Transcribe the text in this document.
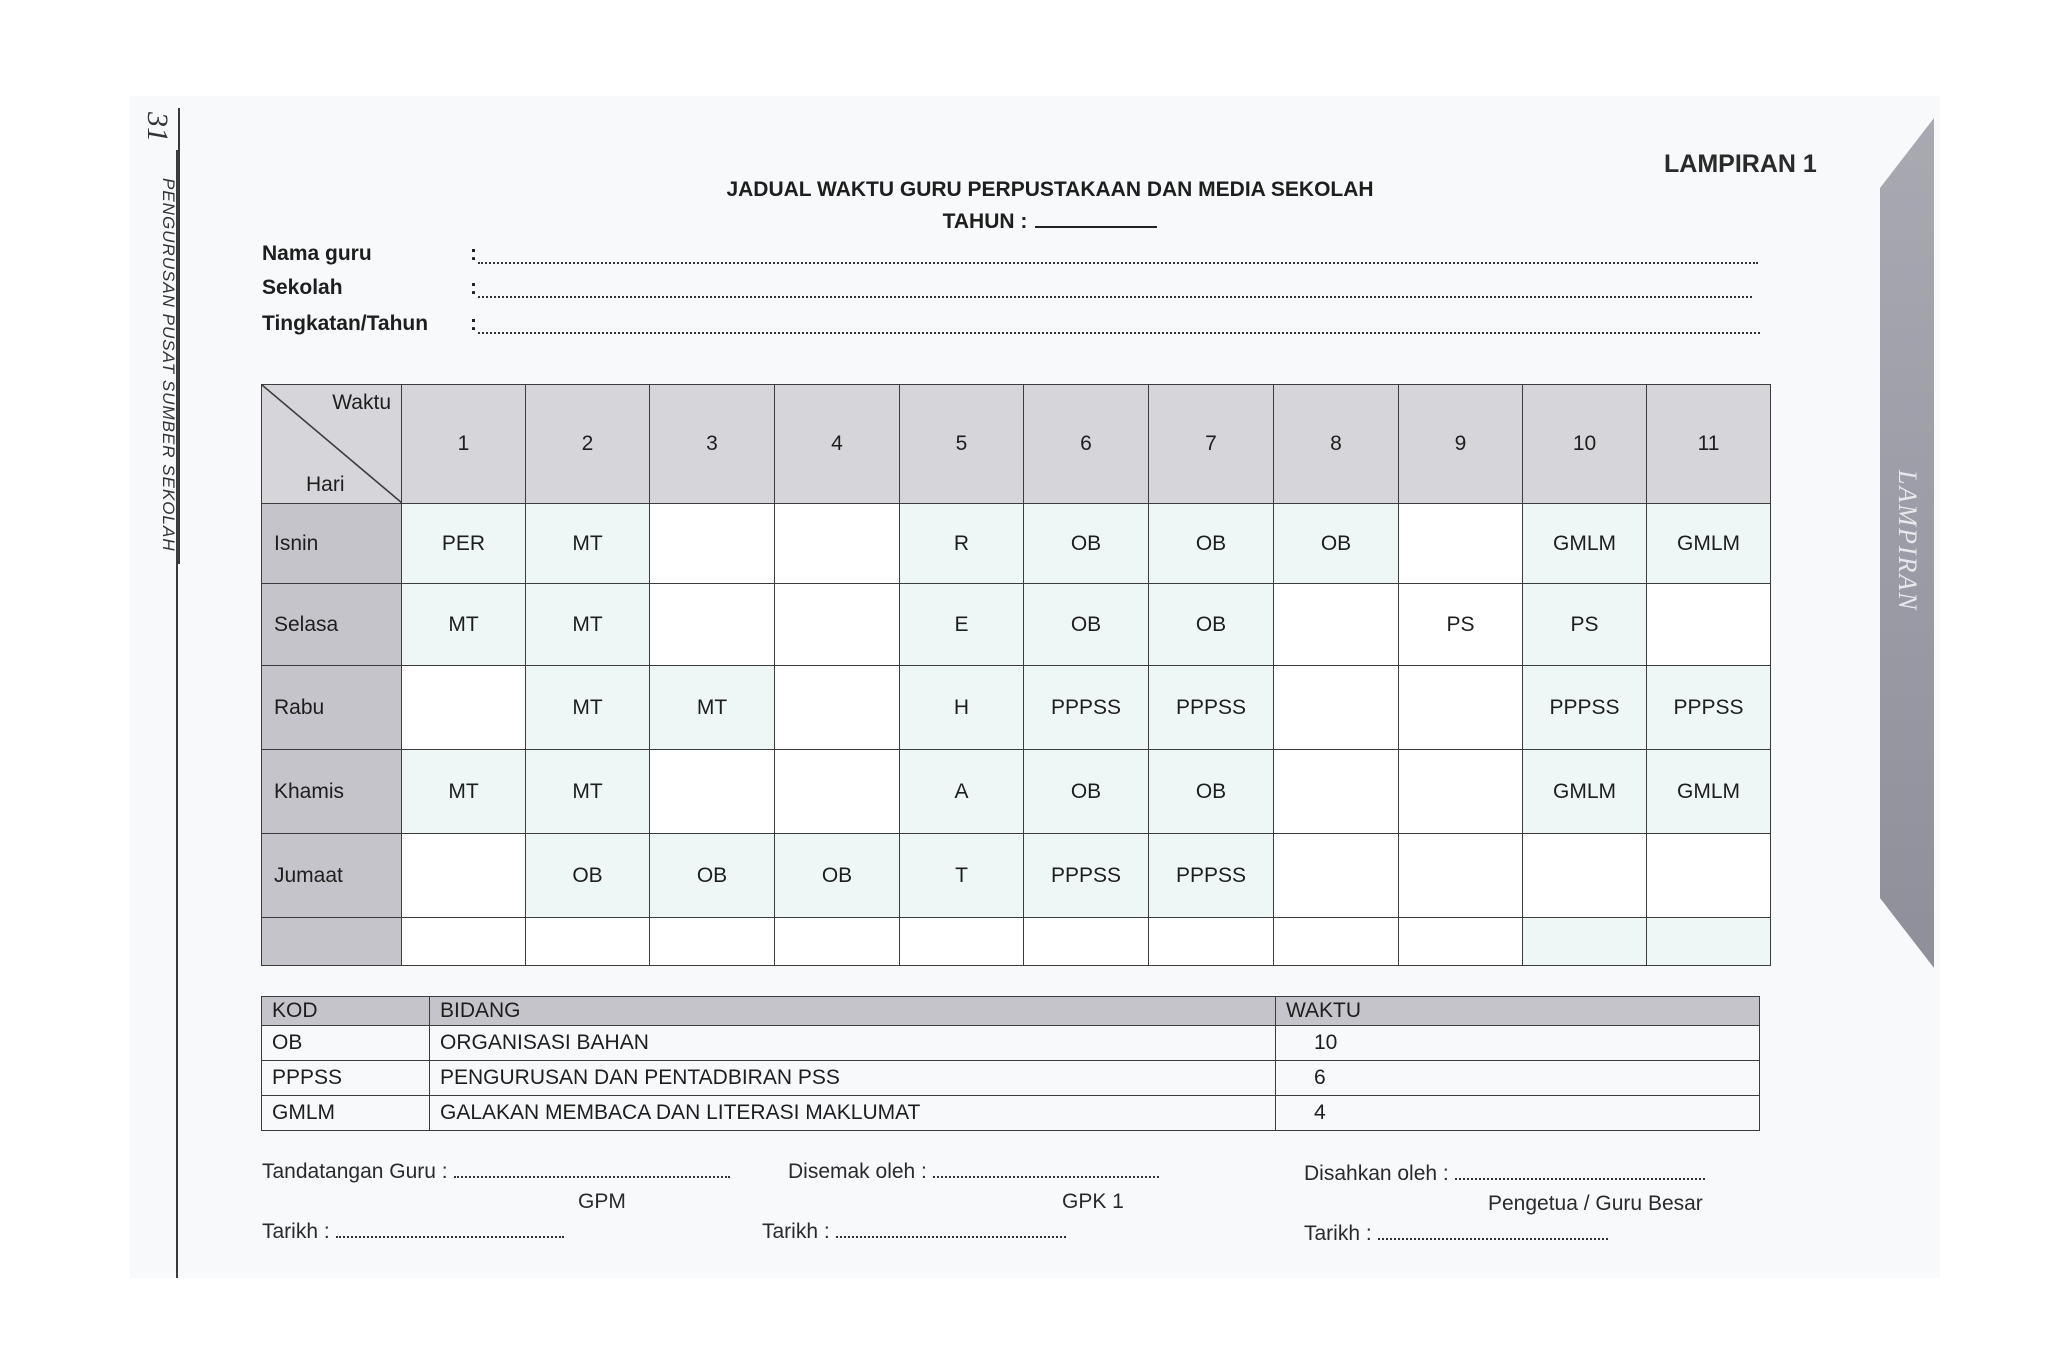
31
PENGURUSAN PUSAT SUMBER SEKOLAH	LAMPIRAN
LAMPIRAN 1
JADUAL WAKTU GURU PERPUSTAKAAN DAN MEDIA SEKOLAH
TAHUN :
Nama guru	:
Sekolah	:
Tingkatan/Tahun :
Waktu
Hari	1	2	3	4	5	6	7	8	9	10	11
Isnin	PER	MT			R	OB	OB	OB		GMLM	GMLM
Selasa	MT	MT			E	OB	OB		PS	PS	
Rabu		MT	MT		H	PPPSS	PPPSS			PPPSS	PPPSS
Khamis	MT	MT			A	OB	OB			GMLM	GMLM
Jumaat		OB	OB	OB	T	PPPSS	PPPSS				

KOD	BIDANG	WAKTU
OB	ORGANISASI BAHAN	10
PPPSS	PENGURUSAN DAN PENTADBIRAN PSS	6
GMLM	GALAKAN MEMBACA DAN LITERASI MAKLUMAT	4
Tandatangan Guru :
GPM
Tarikh :
Disemak oleh :
GPK 1
Tarikh :
Disahkan oleh :
Pengetua / Guru Besar
Tarikh :
